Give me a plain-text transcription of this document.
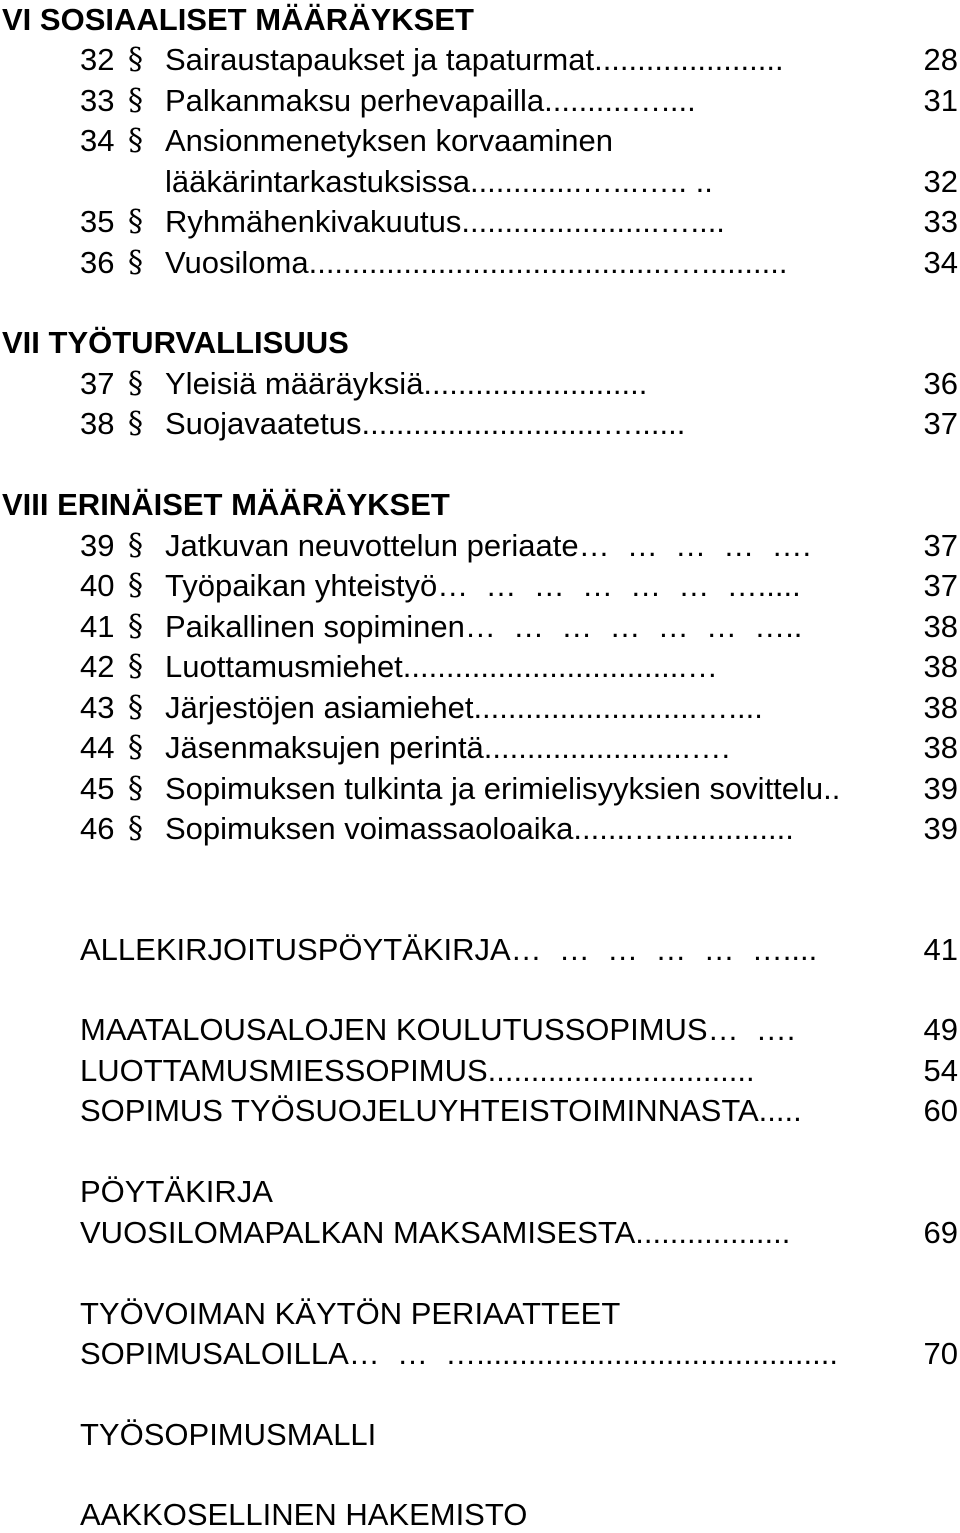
VI SOSIAALISET MÄÄRÄYKSET
32 § Sairaustapaukset ja tapaturmat......................	28
33 § Palkanmaksu perhevapailla..........…....	31
34 § Ansionmenetyksen korvaaminen
lääkärintarkastuksissa.............…...….. ..	32
35 § Ryhmähenkivakuutus.......................…....	33
36 § Vuosiloma..........................................…..........	34
VII TYÖTURVALLISUUS
37 § Yleisiä määräyksiä..........................	36
38 § Suojavaatetus............................…......	37
VIII ERINÄISET MÄÄRÄYKSET
39 § Jatkuvan neuvottelun periaate…  …  …  …  ….	37
40 § Työpaikan yhteistyö…  …  …  …  …  …  ….....	37
41 § Paikallinen sopiminen…  …  …  …  …  …  …..	38
42 § Luottamusmiehet.................................…	38
43 § Järjestöjen asiamiehet..........................…....	38
44 § Jäsenmaksujen perintä........................….	38
45 § Sopimuksen tulkinta ja erimielisyyksien sovittelu..	39
46 § Sopimuksen voimassaoloaika.......…...............	39
ALLEKIRJOITUSPÖYTÄKIRJA…  …  …  …  …  …....	41
MAATALOUSALOJEN KOULUTUSSOPIMUS…  ….	49
LUOTTAMUSMIESSOPIMUS...............................	54
SOPIMUS TYÖSUOJELUYHTEISTOIMINNASTA.....	60
PÖYTÄKIRJA
VUOSILOMAPALKAN MAKSAMISESTA..................	69
TYÖVOIMAN KÄYTÖN PERIAATTEET
SOPIMUSALOILLA…  …  …..........................................	70
TYÖSOPIMUSMALLI
AAKKOSELLINEN HAKEMISTO
